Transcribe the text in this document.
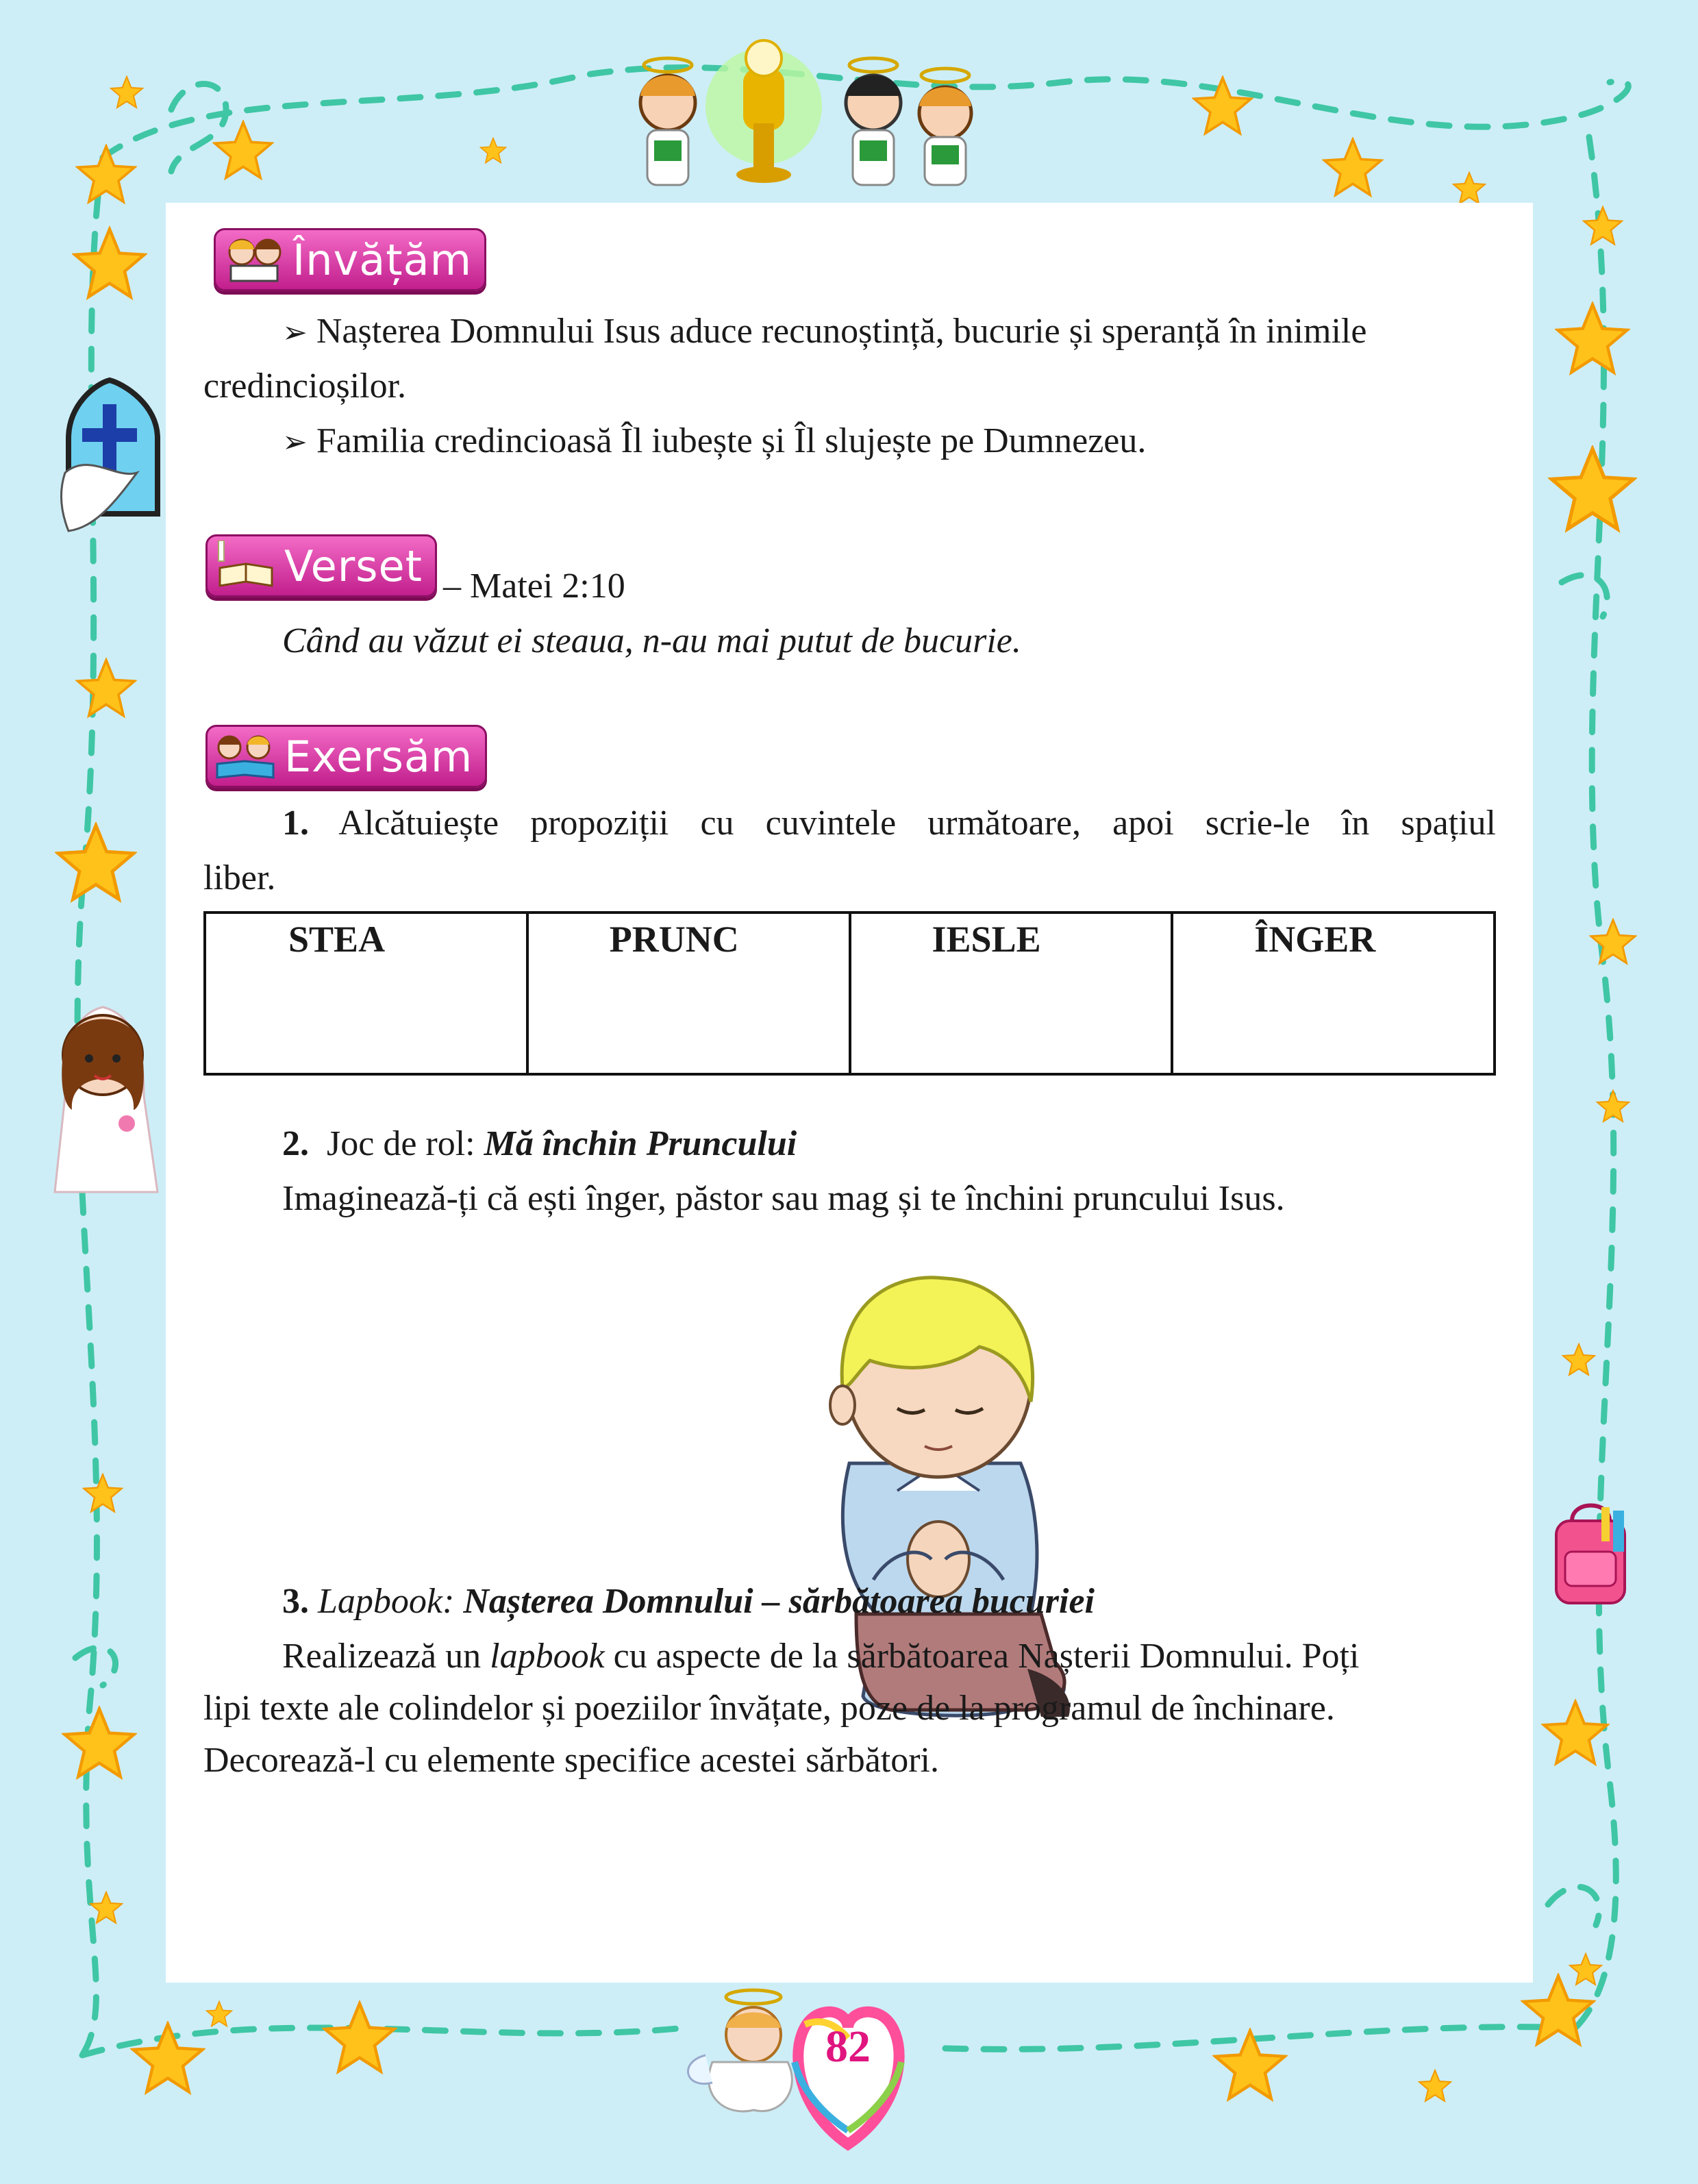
Învățăm

➢ Nașterea Domnului Isus aduce recunoștință, bucurie și speranță în inimile

credincioșilor.

➢ Familia credincioasă Îl iubește și Îl slujește pe Dumnezeu.

Verset – Matei 2:10

Când au văzut ei steaua, n-au mai putut de bucurie.

Exersăm

1. Alcătuiește propoziții cu cuvintele următoare, apoi scrie-le în spațiul

liber.

STEA	PRUNC	IESLE	ÎNGER

2. Joc de rol: Mă închin Pruncului

Imaginează-ți că ești înger, păstor sau mag și te închini pruncului Isus.

3. Lapbook: Nașterea Domnului – sărbătoarea bucuriei

Realizează un lapbook cu aspecte de la sărbătoarea Nașterii Domnului. Poți

lipi texte ale colindelor și poeziilor învățate, poze de la programul de închinare.

Decorează-l cu elemente specifice acestei sărbători.

82
